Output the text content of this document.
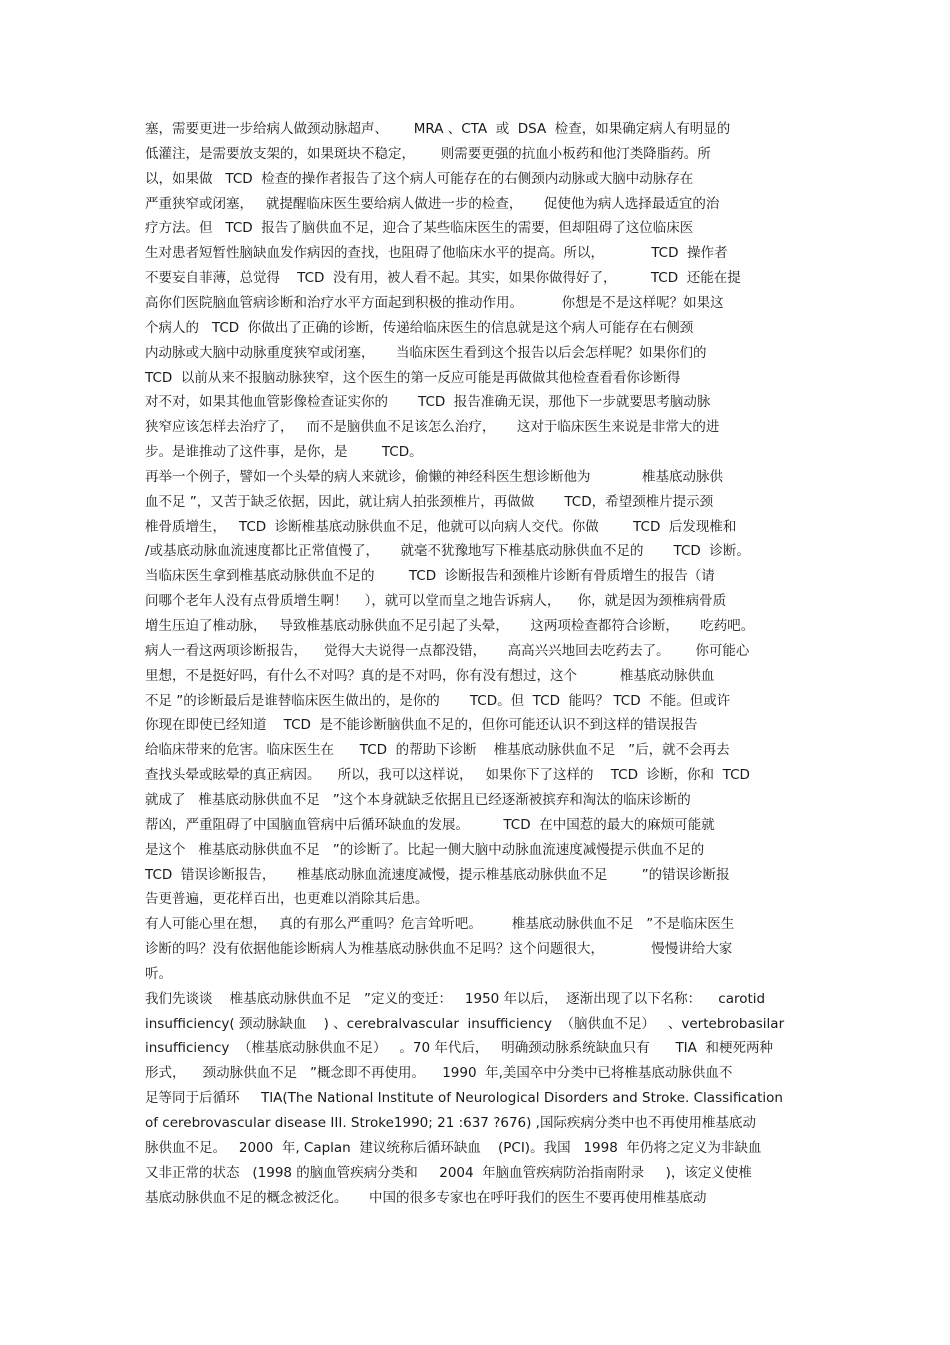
塞，需要更进一步给病人做颈动脉超声、      MRA 、CTA  或  DSA  检查，如果确定病人有明显的
低灌注，是需要放支架的，如果斑块不稳定，      则需要更强的抗血小板药和他汀类降脂药。所
以，如果做   TCD  检查的操作者报告了这个病人可能存在的右侧颈内动脉或大脑中动脉存在
严重狭窄或闭塞，   就提醒临床医生要给病人做进一步的检查，     促使他为病人选择最适宜的治
疗方法。但   TCD  报告了脑供血不足，迎合了某些临床医生的需要，但却阻碍了这位临床医
生对患者短暂性脑缺血发作病因的查找，也阻碍了他临床水平的提高。所以，           TCD  操作者
不要妄自菲薄，总觉得    TCD  没有用，被人看不起。其实，如果你做得好了，        TCD  还能在提
高你们医院脑血管病诊断和治疗水平方面起到积极的推动作用。         你想是不是这样呢？如果这
个病人的   TCD  你做出了正确的诊断，传递给临床医生的信息就是这个病人可能存在右侧颈
内动脉或大脑中动脉重度狭窄或闭塞，     当临床医生看到这个报告以后会怎样呢？如果你们的
TCD  以前从来不报脑动脉狭窄，这个医生的第一反应可能是再做做其他检查看看你诊断得
对不对，如果其他血管影像检查证实你的       TCD  报告准确无误，那他下一步就要思考脑动脉
狭窄应该怎样去治疗了，   而不是脑供血不足该怎么治疗，     这对于临床医生来说是非常大的进
步。是谁推动了这件事，是你，是        TCD。
再举一个例子，譬如一个头晕的病人来就诊，偷懒的神经科医生想诊断他为            椎基底动脉供
血不足 ”，又苦于缺乏依据，因此，就让病人拍张颈椎片，再做做       TCD，希望颈椎片提示颈
椎骨质增生，   TCD  诊断椎基底动脉供血不足，他就可以向病人交代。你做        TCD  后发现椎和
/或基底动脉血流速度都比正常值慢了，     就毫不犹豫地写下椎基底动脉供血不足的       TCD  诊断。
当临床医生拿到椎基底动脉供血不足的        TCD  诊断报告和颈椎片诊断有骨质增生的报告（请
问哪个老年人没有点骨质增生啊！    ），就可以堂而皇之地告诉病人，    你，就是因为颈椎病骨质
增生压迫了椎动脉，   导致椎基底动脉供血不足引起了头晕，     这两项检查都符合诊断，     吃药吧。
病人一看这两项诊断报告，    觉得大夫说得一点都没错，     高高兴兴地回去吃药去了。      你可能心
里想，不是挺好吗，有什么不对吗？真的是不对吗，你有没有想过，这个          椎基底动脉供血
不足 ”的诊断最后是谁替临床医生做出的，是你的       TCD。但  TCD  能吗？ TCD  不能。但或许
你现在即使已经知道    TCD  是不能诊断脑供血不足的，但你可能还认识不到这样的错误报告
给临床带来的危害。临床医生在      TCD  的帮助下诊断    椎基底动脉供血不足   ”后，就不会再去
查找头晕或眩晕的真正病因。    所以，我可以这样说，   如果你下了这样的    TCD  诊断，你和  TCD
就成了   椎基底动脉供血不足   ”这个本身就缺乏依据且已经逐渐被摈弃和淘汰的临床诊断的
帮凶，严重阻碍了中国脑血管病中后循环缺血的发展。        TCD  在中国惹的最大的麻烦可能就
是这个   椎基底动脉供血不足   ”的诊断了。比起一侧大脑中动脉血流速度减慢提示供血不足的
TCD  错误诊断报告，     椎基底动脉血流速度减慢，提示椎基底动脉供血不足        ”的错误诊断报
告更普遍，更花样百出，也更难以消除其后患。
有人可能心里在想，   真的有那么严重吗？危言耸听吧。       椎基底动脉供血不足   ”不是临床医生
诊断的吗？没有依据他能诊断病人为椎基底动脉供血不足吗？这个问题很大，           慢慢讲给大家
听。
我们先谈谈    椎基底动脉供血不足   ”定义的变迁：   1950 年以后，  逐渐出现了以下名称：    carotid
insufficiency( 颈动脉缺血    ) 、cerebralvascular  insufficiency  （脑供血不足）   、vertebrobasilar
insufficiency  （椎基底动脉供血不足）   。70 年代后，   明确颈动脉系统缺血只有      TIA  和梗死两种
形式，    颈动脉供血不足   ”概念即不再使用。    1990  年,美国卒中分类中已将椎基底动脉供血不
足等同于后循环     TIA(The National Institute of Neurological Disorders and Stroke. Classification
of cerebrovascular disease III. Stroke1990; 21 :637 ?676) ,国际疾病分类中也不再使用椎基底动
脉供血不足。   2000  年, Caplan  建议统称后循环缺血    (PCI)。我国   1998  年仍将之定义为非缺血
又非正常的状态   (1998 的脑血管疾病分类和     2004  年脑血管疾病防治指南附录     )，该定义使椎
基底动脉供血不足的概念被泛化。     中国的很多专家也在呼吁我们的医生不要再使用椎基底动
